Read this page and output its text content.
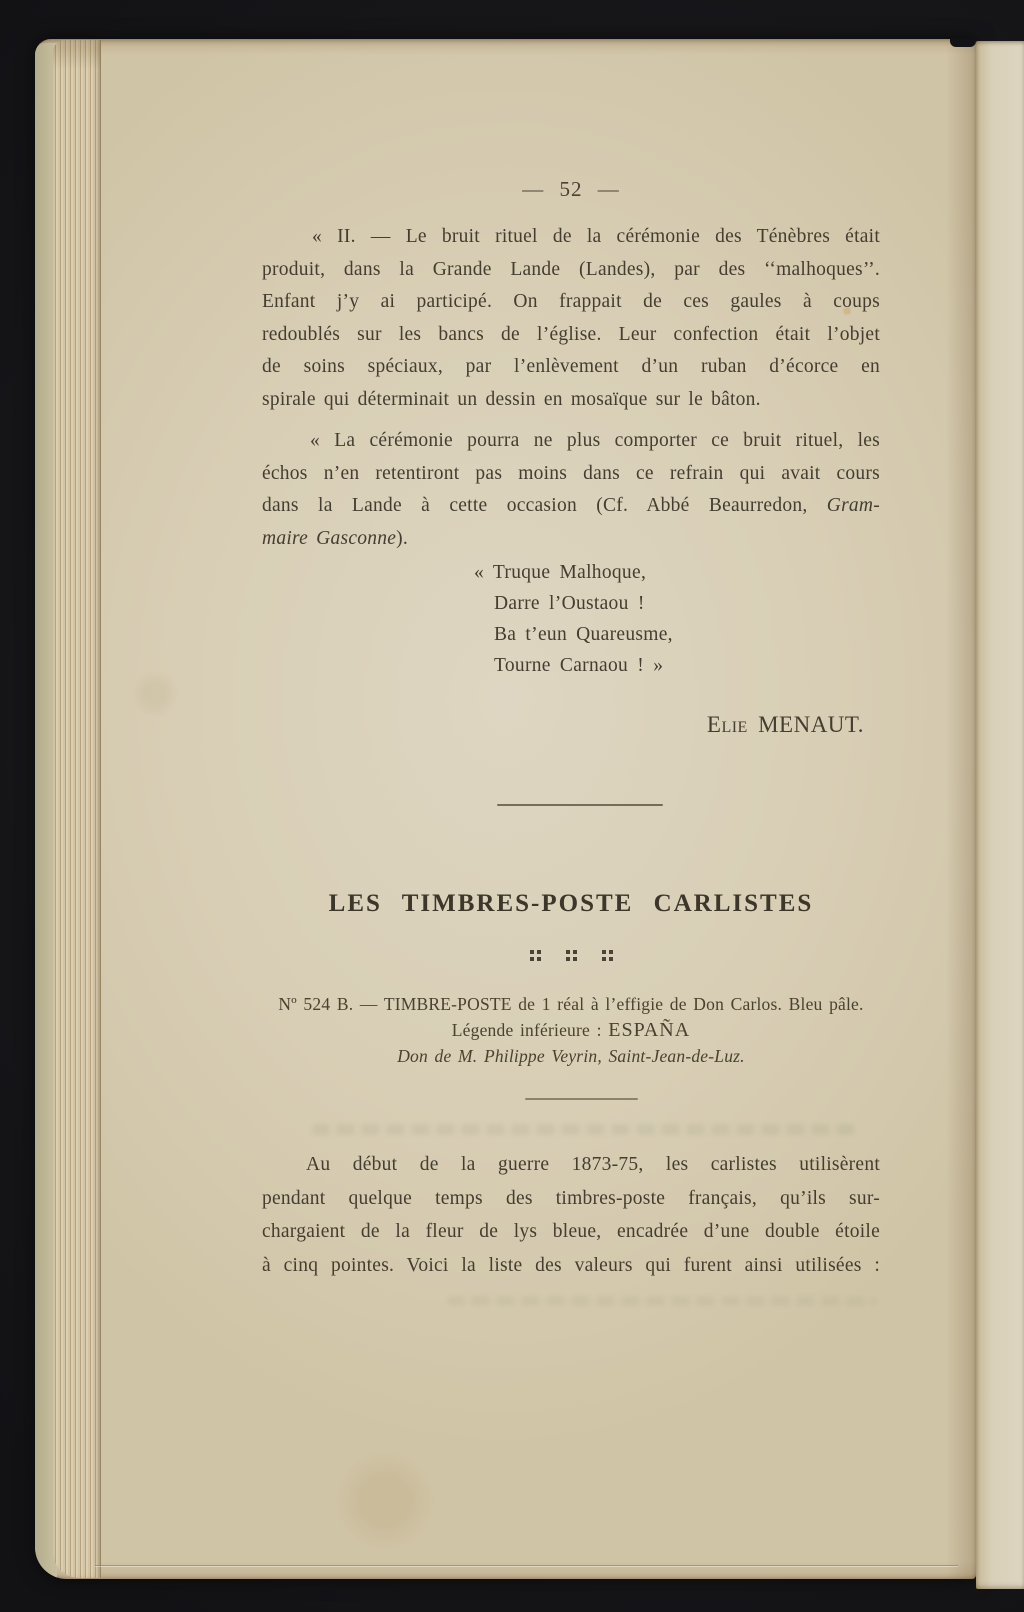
— 52 —
« II. — Le bruit rituel de la cérémonie des Ténèbres était
produit, dans la Grande Lande (Landes), par des ‘‘malhoques’’.
Enfant j’y ai participé. On frappait de ces gaules à coups
redoublés sur les bancs de l’église. Leur confection était l’objet
de soins spéciaux, par l’enlèvement d’un ruban d’écorce en
spirale qui déterminait un dessin en mosaïque sur le bâton.
« La cérémonie pourra ne plus comporter ce bruit rituel, les
échos n’en retentiront pas moins dans ce refrain qui avait cours
dans la Lande à cette occasion (Cf. Abbé Beaurredon, Gram-
maire Gasconne).
« Truque Malhoque,
Darre l’Oustaou !
Ba t’eun Quareusme,
Tourne Carnaou ! »
Elie MENAUT.
LES TIMBRES-POSTE CARLISTES
Nº 524 B. — TIMBRE-POSTE de 1 réal à l’effigie de Don Carlos. Bleu pâle.
Légende inférieure : ESPAÑA
Don de M. Philippe Veyrin, Saint-Jean-de-Luz.
Au début de la guerre 1873-75, les carlistes utilisèrent
pendant quelque temps des timbres-poste français, qu’ils sur-
chargaient de la fleur de lys bleue, encadrée d’une double étoile
à cinq pointes. Voici la liste des valeurs qui furent ainsi utilisées :
